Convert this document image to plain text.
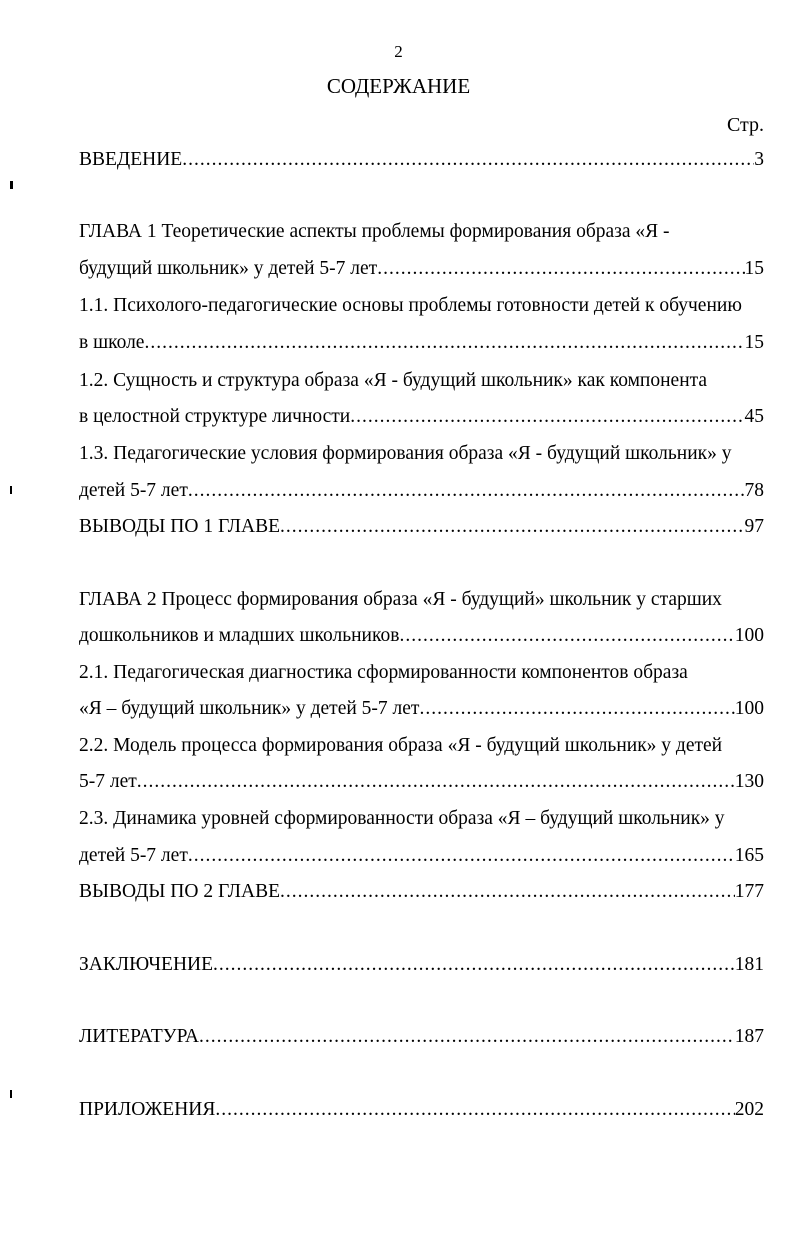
2
СОДЕРЖАНИЕ
Стр.
ВВЕДЕНИЕ .....	3
ГЛАВА 1 Теоретические аспекты проблемы формирования образа «Я -
будущий школьник» у детей 5-7 лет .....	15
1.1. Психолого-педагогические основы проблемы готовности детей к обучению
в школе .....	15
1.2. Сущность и структура образа «Я - будущий школьник» как компонента
в целостной структуре личности .....	45
1.3. Педагогические условия формирования образа «Я - будущий школьник» у
детей 5-7 лет .....	78
ВЫВОДЫ ПО 1 ГЛАВЕ .....	97
ГЛАВА 2 Процесс формирования образа «Я - будущий» школьник у старших
дошкольников и младших школьников .....	100
2.1. Педагогическая диагностика сформированности компонентов образа
«Я – будущий школьник» у детей 5-7 лет .....	100
2.2. Модель процесса формирования образа «Я - будущий школьник» у детей
5-7 лет .....	130
2.3. Динамика уровней сформированности образа «Я – будущий школьник» у
детей 5-7 лет .....	165
ВЫВОДЫ ПО 2 ГЛАВЕ .....	177
ЗАКЛЮЧЕНИЕ .....	181
ЛИТЕРАТУРА .....	187
ПРИЛОЖЕНИЯ .....	202
